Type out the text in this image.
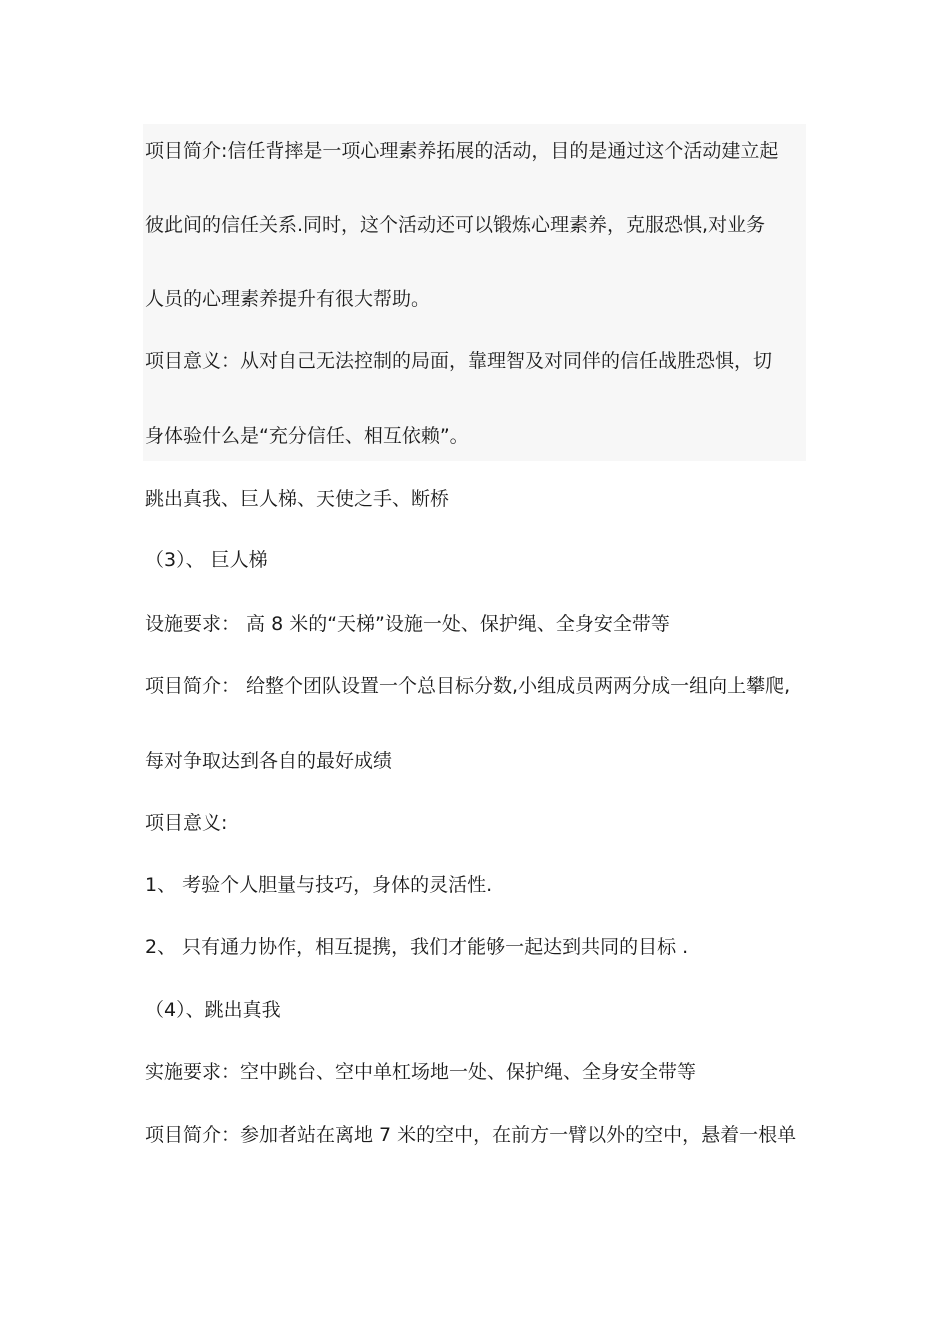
项目简介:信任背摔是一项心理素养拓展的活动，目的是通过这个活动建立起
彼此间的信任关系.同时，这个活动还可以锻炼心理素养，克服恐惧,对业务
人员的心理素养提升有很大帮助。
项目意义：从对自己无法控制的局面，靠理智及对同伴的信任战胜恐惧，切
身体验什么是“充分信任、相互依赖”。
跳出真我、巨人梯、天使之手、断桥
（3）、 巨人梯
设施要求： 高 8 米的“天梯”设施一处、保护绳、全身安全带等
项目简介： 给整个团队设置一个总目标分数,小组成员两两分成一组向上攀爬,
每对争取达到各自的最好成绩
项目意义:
1、 考验个人胆量与技巧，身体的灵活性.
2、 只有通力协作，相互提携，我们才能够一起达到共同的目标 .
（4）、跳出真我
实施要求：空中跳台、空中单杠场地一处、保护绳、全身安全带等
项目简介：参加者站在离地 7 米的空中，在前方一臂以外的空中，悬着一根单
